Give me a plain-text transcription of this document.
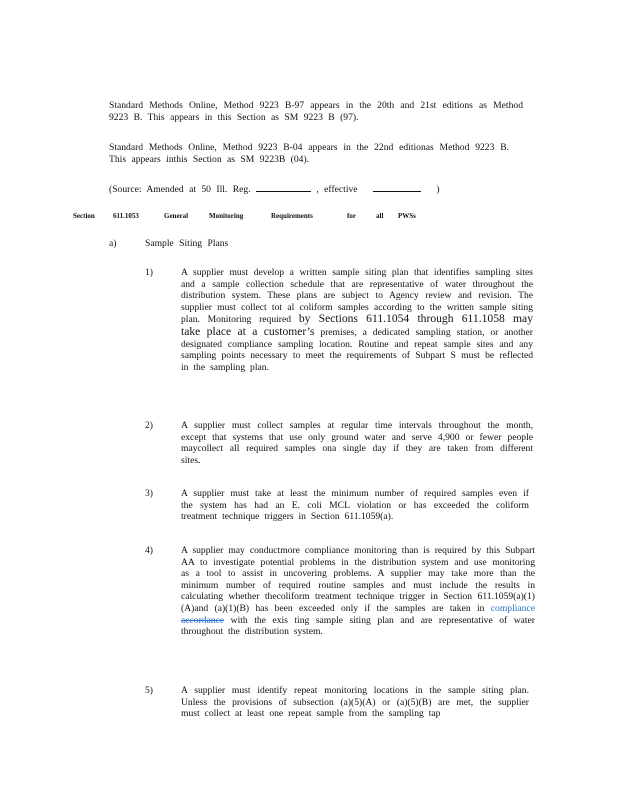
Standard Methods Online, Method 9223 B-97 appears in the 20th and 21st editions as Method 9223 B. This appears in this Section as SM 9223 B (97).
Standard Methods Online, Method 9223 B-04 appears in the 22nd editionas Method 9223 B. This appears inthis Section as SM 9223B (04).
(Source: Amended at 50 Ill. Reg.	, effective	)
Section	611.1053	General	Monitoring	Requirements	for	all PWSs
a)	Sample Siting Plans
1)	A supplier must develop a written sample siting plan that identifies sampling sites and a sample collection schedule that are representative of water throughout the distribution system. These plans are subject to Agency review and revision. The supplier must collect tot al coliform samples according to the written sample siting plan. Monitoring required by Sections 611.1054 through 611.1058 may take place at a customer’s premises, a dedicated sampling station, or another designated compliance sampling location. Routine and repeat sample sites and any sampling points necessary to meet the requirements of Subpart S must be reflected in the sampling plan.
2)	A supplier must collect samples at regular time intervals throughout the month, except that systems that use only ground water and serve 4,900 or fewer people maycollect all required samples ona single day if they are taken from different sites.
3)	A supplier must take at least the minimum number of required samples even if the system has had an E. coli MCL violation or has exceeded the coliform treatment technique triggers in Section 611.1059(a).
4)	A supplier may conductmore compliance monitoring than is required by this Subpart AA to investigate potential problems in the distribution system and use monitoring as a tool to assist in uncovering problems. A supplier may take more than the minimum number of required routine samples and must include the results in calculating whether thecoliform treatment technique trigger in Section 611.1059(a)(1)(A)and (a)(1)(B) has been exceeded only if the samples are taken in compliance accordance with the exis ting sample siting plan and are representative of water throughout the distribution system.
5)	A supplier must identify repeat monitoring locations in the sample siting plan. Unless the provisions of subsection (a)(5)(A) or (a)(5)(B) are met, the supplier must collect at least one repeat sample from the sampling tap
